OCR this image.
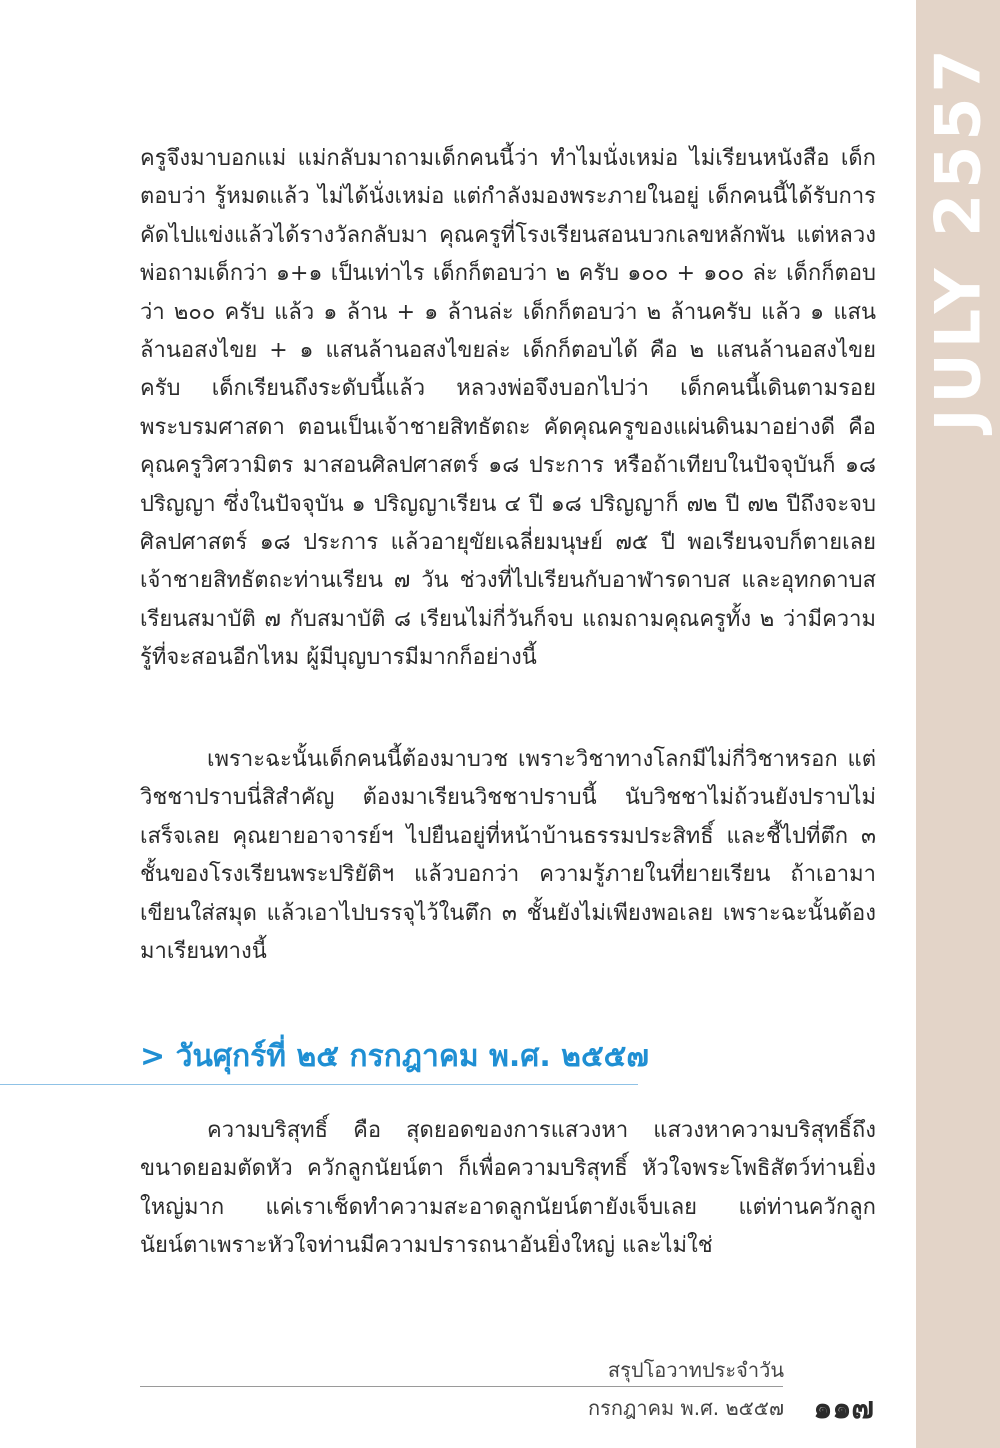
JULY 2557

ครูจึงมาบอกแม่ แม่กลับมาถามเด็กคนนี้ว่า ทำไมนั่งเหม่อ ไม่เรียนหนังสือ เด็กตอบว่า รู้หมดแล้ว ไม่ได้นั่งเหม่อ แต่กำลังมองพระภายในอยู่ เด็กคนนี้ได้รับการคัดไปแข่งแล้วได้รางวัลกลับมา คุณครูที่โรงเรียนสอนบวกเลขหลักพัน แต่หลวงพ่อถามเด็กว่า ๑+๑ เป็นเท่าไร เด็กก็ตอบว่า ๒ ครับ ๑๐๐ + ๑๐๐ ล่ะ เด็กก็ตอบว่า ๒๐๐ ครับ แล้ว ๑ ล้าน + ๑ ล้านล่ะ เด็กก็ตอบว่า ๒ ล้านครับ แล้ว ๑ แสนล้านอสงไขย + ๑ แสนล้านอสงไขยล่ะ เด็กก็ตอบได้ คือ ๒ แสนล้านอสงไขยครับ เด็กเรียนถึงระดับนี้แล้ว หลวงพ่อจึงบอกไปว่า เด็กคนนี้เดินตามรอยพระบรมศาสดา ตอนเป็นเจ้าชายสิทธัตถะ คัดคุณครูของแผ่นดินมาอย่างดี คือ คุณครูวิศวามิตร มาสอนศิลปศาสตร์ ๑๘ ประการ หรือถ้าเทียบในปัจจุบันก็ ๑๘ ปริญญา ซึ่งในปัจจุบัน ๑ ปริญญาเรียน ๔ ปี ๑๘ ปริญญาก็ ๗๒ ปี ๗๒ ปีถึงจะจบศิลปศาสตร์ ๑๘ ประการ แล้วอายุขัยเฉลี่ยมนุษย์ ๗๕ ปี พอเรียนจบก็ตายเลย เจ้าชายสิทธัตถะท่านเรียน ๗ วัน ช่วงที่ไปเรียนกับอาฬารดาบส และอุทกดาบส เรียนสมาบัติ ๗ กับสมาบัติ ๘ เรียนไม่กี่วันก็จบ แถมถามคุณครูทั้ง ๒ ว่ามีความรู้ที่จะสอนอีกไหม ผู้มีบุญบารมีมากก็อย่างนี้

เพราะฉะนั้นเด็กคนนี้ต้องมาบวช เพราะวิชาทางโลกมีไม่กี่วิชาหรอก แต่วิชชาปราบนี่สิสำคัญ ต้องมาเรียนวิชชาปราบนี้ นับวิชชาไม่ถ้วนยังปราบไม่เสร็จเลย คุณยายอาจารย์ฯ ไปยืนอยู่ที่หน้าบ้านธรรมประสิทธิ์ และชี้ไปที่ตึก ๓ ชั้นของโรงเรียนพระปริยัติฯ แล้วบอกว่า ความรู้ภายในที่ยายเรียน ถ้าเอามาเขียนใส่สมุด แล้วเอาไปบรรจุไว้ในตึก ๓ ชั้นยังไม่เพียงพอเลย เพราะฉะนั้นต้องมาเรียนทางนี้

> วันศุกร์ที่ ๒๕ กรกฎาคม พ.ศ. ๒๕๕๗

ความบริสุทธิ์ คือ สุดยอดของการแสวงหา แสวงหาความบริสุทธิ์ถึงขนาดยอมตัดหัว ควักลูกนัยน์ตา ก็เพื่อความบริสุทธิ์ หัวใจพระโพธิสัตว์ท่านยิ่งใหญ่มาก แค่เราเช็ดทำความสะอาดลูกนัยน์ตายังเจ็บเลย แต่ท่านควักลูกนัยน์ตาเพราะหัวใจท่านมีความปรารถนาอันยิ่งใหญ่ และไม่ใช่

สรุปโอวาทประจำวัน
กรกฎาคม พ.ศ. ๒๕๕๗ ๑๑๗
